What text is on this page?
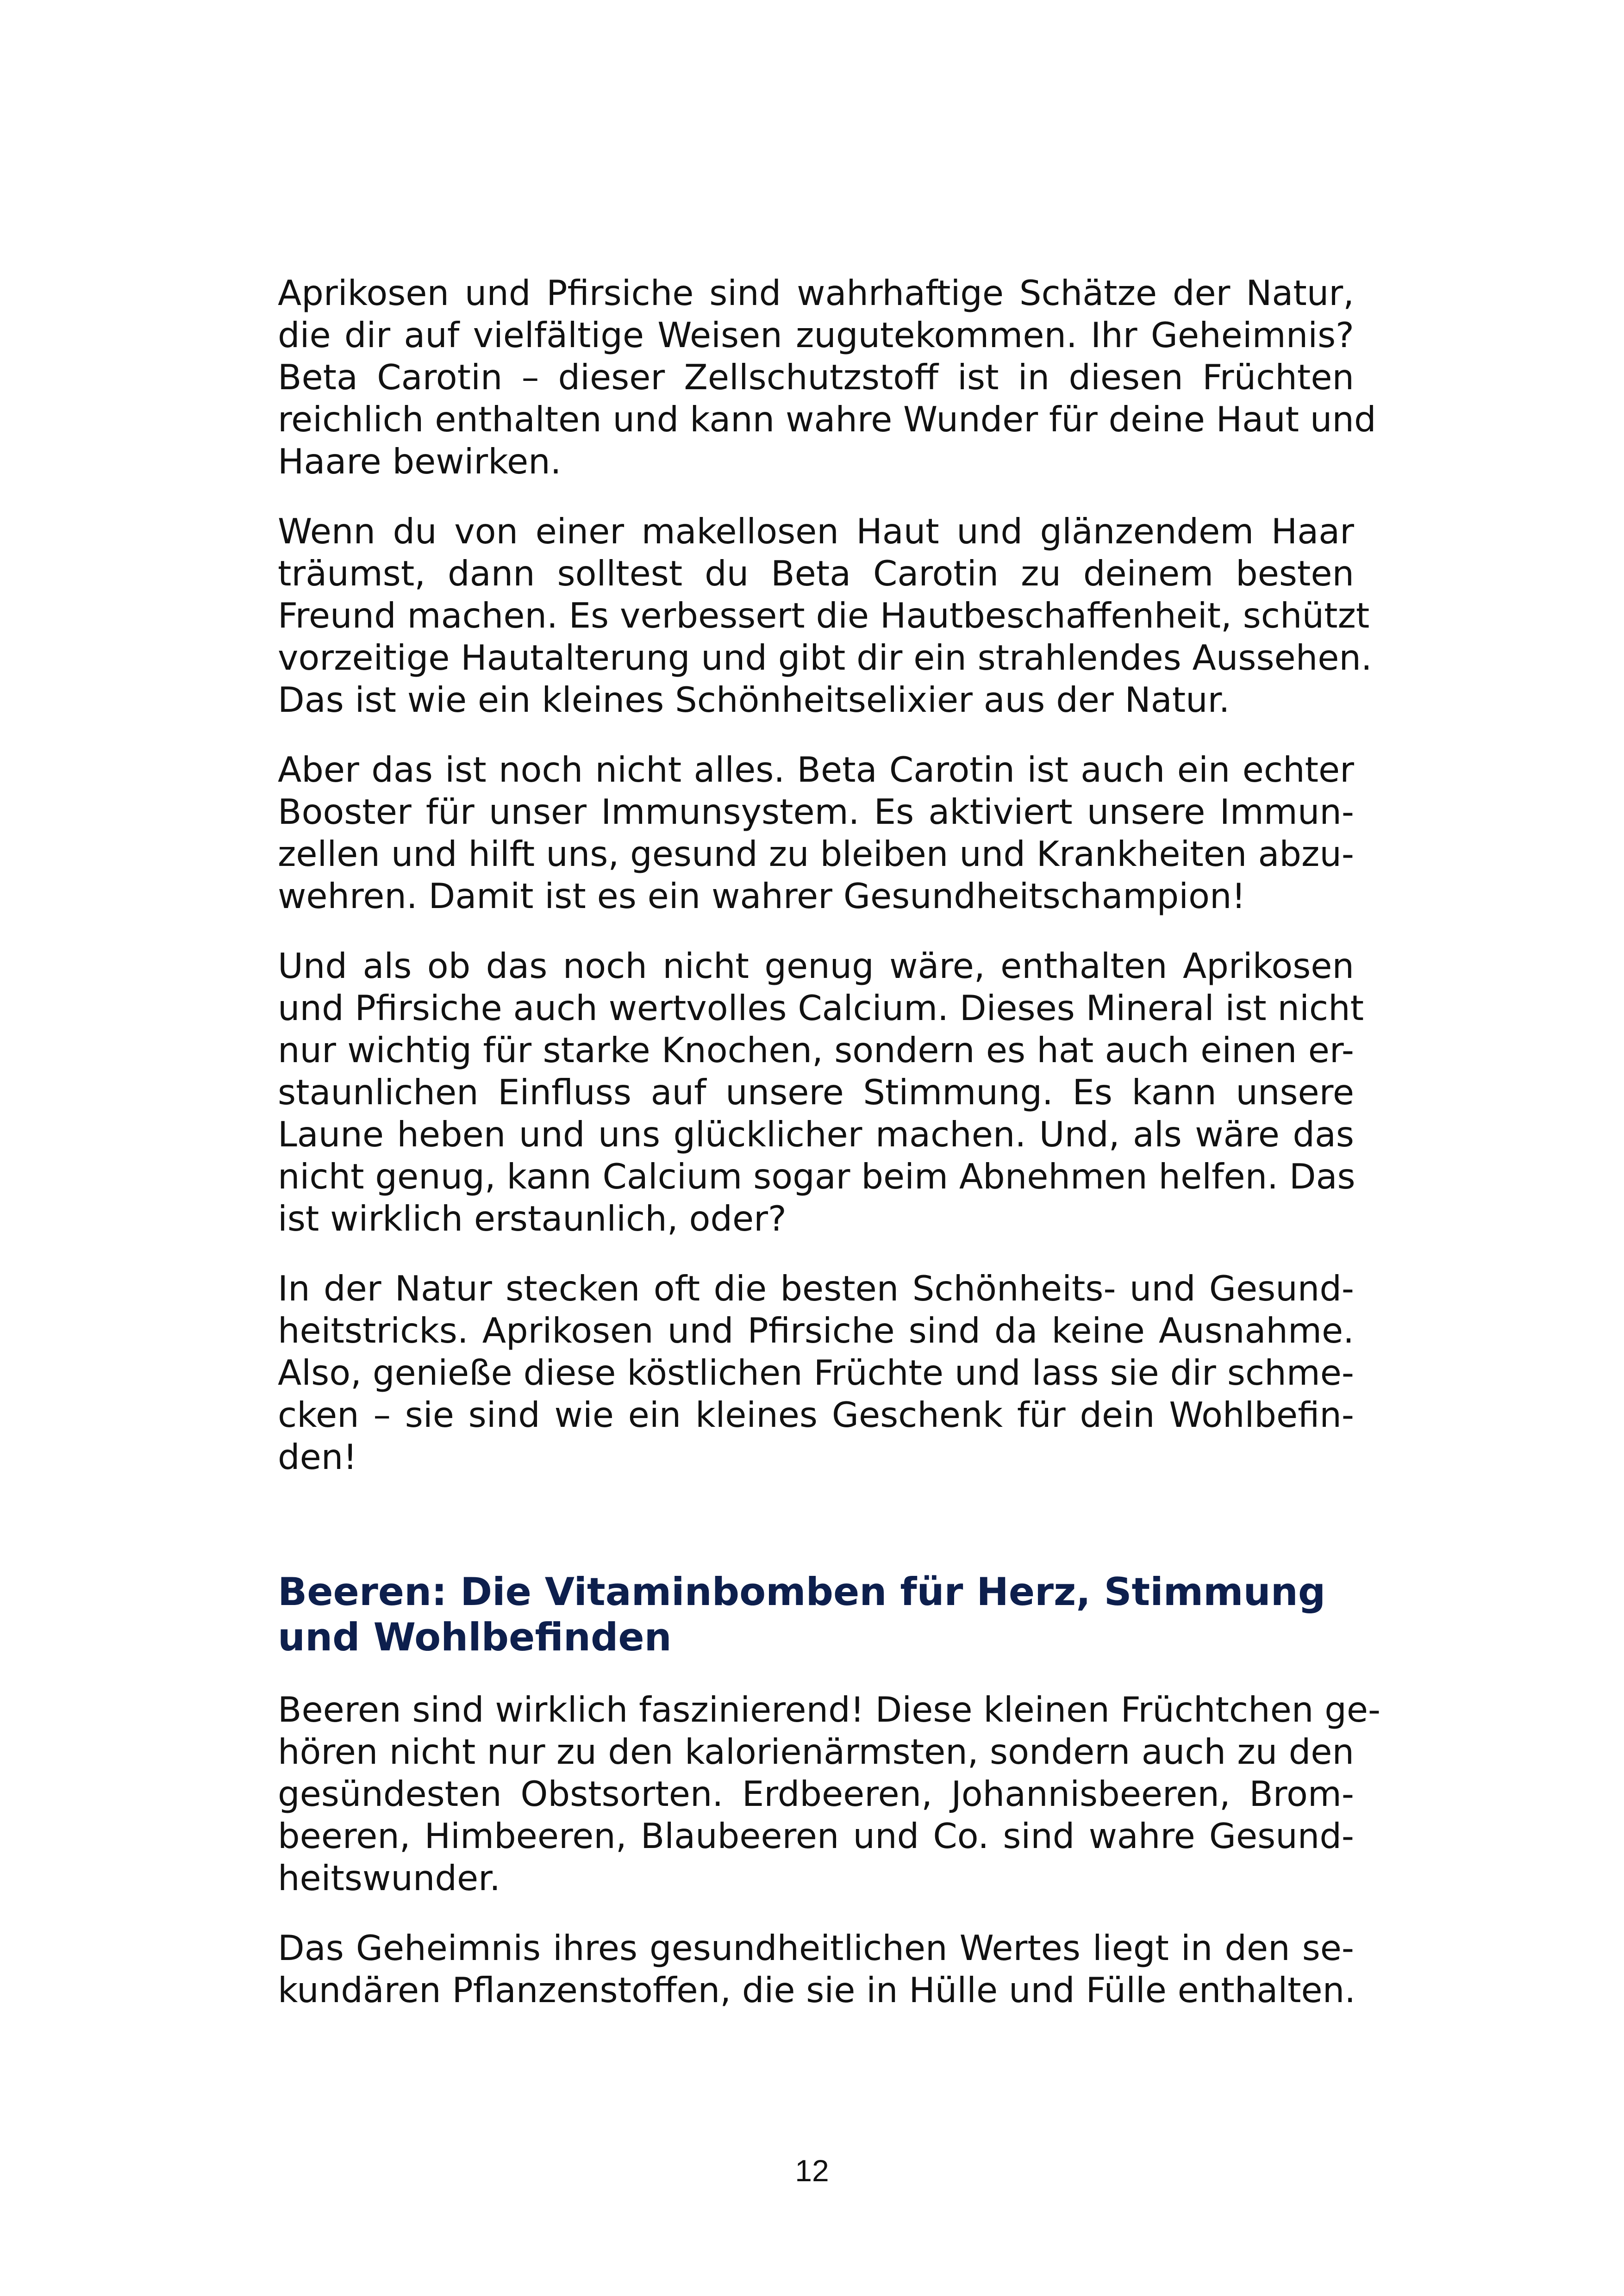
Aprikosen und Pfirsiche sind wahrhaftige Schätze der Natur,
die dir auf vielfältige Weisen zugutekommen. Ihr Geheimnis?
Beta Carotin – dieser Zellschutzstoff ist in diesen Früchten
reichlich enthalten und kann wahre Wunder für deine Haut und
Haare bewirken.

Wenn du von einer makellosen Haut und glänzendem Haar
träumst, dann solltest du Beta Carotin zu deinem besten
Freund machen. Es verbessert die Hautbeschaffenheit, schützt
vorzeitige Hautalterung und gibt dir ein strahlendes Aussehen.
Das ist wie ein kleines Schönheitselixier aus der Natur.

Aber das ist noch nicht alles. Beta Carotin ist auch ein echter
Booster für unser Immunsystem. Es aktiviert unsere Immun-
zellen und hilft uns, gesund zu bleiben und Krankheiten abzu-
wehren. Damit ist es ein wahrer Gesundheitschampion!

Und als ob das noch nicht genug wäre, enthalten Aprikosen
und Pfirsiche auch wertvolles Calcium. Dieses Mineral ist nicht
nur wichtig für starke Knochen, sondern es hat auch einen er-
staunlichen Einfluss auf unsere Stimmung. Es kann unsere
Laune heben und uns glücklicher machen. Und, als wäre das
nicht genug, kann Calcium sogar beim Abnehmen helfen. Das
ist wirklich erstaunlich, oder?

In der Natur stecken oft die besten Schönheits- und Gesund-
heitstricks. Aprikosen und Pfirsiche sind da keine Ausnahme.
Also, genieße diese köstlichen Früchte und lass sie dir schme-
cken – sie sind wie ein kleines Geschenk für dein Wohlbefin-
den!

Beeren: Die Vitaminbomben für Herz, Stimmung
und Wohlbefinden

Beeren sind wirklich faszinierend! Diese kleinen Früchtchen ge-
hören nicht nur zu den kalorienärmsten, sondern auch zu den
gesündesten Obstsorten. Erdbeeren, Johannisbeeren, Brom-
beeren, Himbeeren, Blaubeeren und Co. sind wahre Gesund-
heitswunder.

Das Geheimnis ihres gesundheitlichen Wertes liegt in den se-
kundären Pflanzenstoffen, die sie in Hülle und Fülle enthalten.

12
